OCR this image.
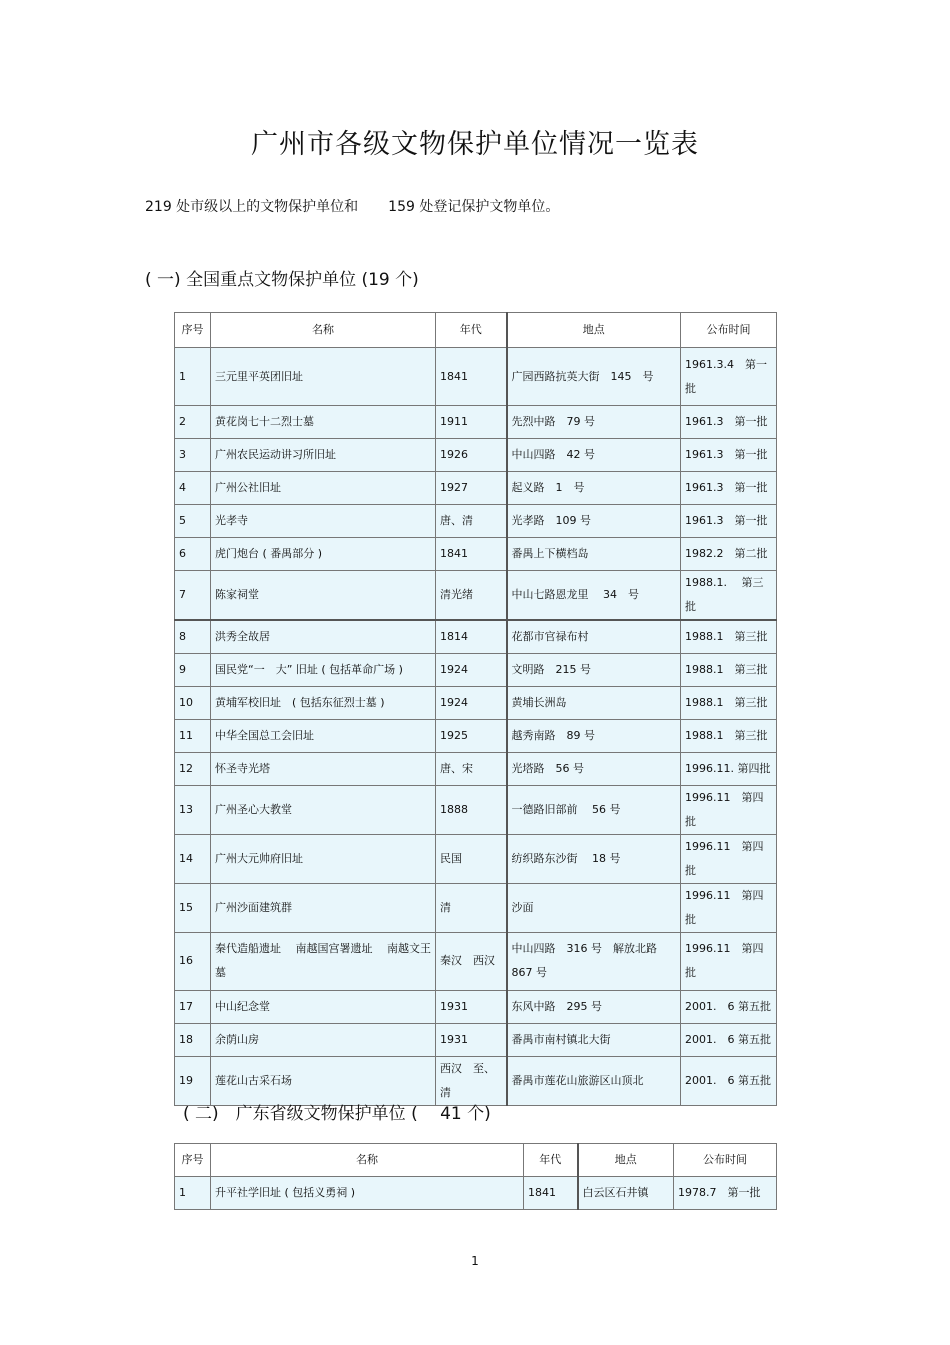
广州市各级文物保护单位情况一览表
219 处市级以上的文物保护单位和 159 处登记保护文物单位。
( 一) 全国重点文物保护单位 (19 个)
序号	名称	年代	地点	公布时间
1	三元里平英团旧址	1841	广园西路抗英大街　145　号	1961.3.4　第一批
2	黄花岗七十二烈士墓	1911	先烈中路　79 号	1961.3　第一批
3	广州农民运动讲习所旧址	1926	中山四路　42 号	1961.3　第一批
4	广州公社旧址	1927	起义路　1　号	1961.3　第一批
5	光孝寺	唐、清	光孝路　109 号	1961.3　第一批
6	虎门炮台 ( 番禺部分 )	1841	番禺上下横档岛	1982.2　第二批
7	陈家祠堂	清光绪	中山七路恩龙里　 34　号	1988.1.　 第三批
8	洪秀全故居	1814	花都市官禄布村	1988.1　第三批
9	国民党“一　大” 旧址 ( 包括革命广场 )	1924	文明路　215 号	1988.1　第三批
10	黄埔军校旧址　( 包括东征烈士墓 )	1924	黄埔长洲岛	1988.1　第三批
11	中华全国总工会旧址	1925	越秀南路　89 号	1988.1　第三批
12	怀圣寺光塔	唐、宋	光塔路　56 号	1996.11. 第四批
13	广州圣心大教堂	1888	一德路旧部前　 56 号	1996.11　第四批
14	广州大元帅府旧址	民国	纺织路东沙街　 18 号	1996.11　第四批
15	广州沙面建筑群	清	沙面	1996.11　第四批
16	秦代造船遗址　 南越国宫署遗址　 南越文王墓	秦汉　西汉	中山四路　316 号　解放北路　867 号	1996.11　第四批
17	中山纪念堂	1931	东风中路　295 号	2001.　6 第五批
18	余荫山房	1931	番禺市南村镇北大街	2001.　6 第五批
19	莲花山古采石场	西汉　至、清	番禺市莲花山旅游区山顶北	2001.　6 第五批
( 二)　广东省级文物保护单位 (　 41 个)
序号	名称	年代	地点	公布时间
1	升平社学旧址 ( 包括义勇祠 )	1841	白云区石井镇	1978.7　第一批
1
